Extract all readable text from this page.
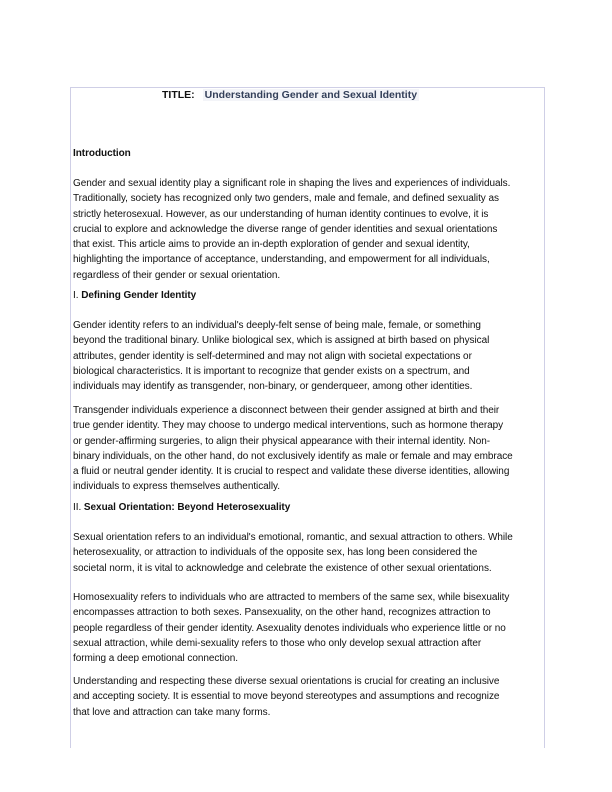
TITLE: Understanding Gender and Sexual Identity
Introduction
Gender and sexual identity play a significant role in shaping the lives and experiences of individuals.
Traditionally, society has recognized only two genders, male and female, and defined sexuality as
strictly heterosexual. However, as our understanding of human identity continues to evolve, it is
crucial to explore and acknowledge the diverse range of gender identities and sexual orientations
that exist. This article aims to provide an in-depth exploration of gender and sexual identity,
highlighting the importance of acceptance, understanding, and empowerment for all individuals,
regardless of their gender or sexual orientation.
I. Defining Gender Identity
Gender identity refers to an individual's deeply-felt sense of being male, female, or something
beyond the traditional binary. Unlike biological sex, which is assigned at birth based on physical
attributes, gender identity is self-determined and may not align with societal expectations or
biological characteristics. It is important to recognize that gender exists on a spectrum, and
individuals may identify as transgender, non-binary, or genderqueer, among other identities.
Transgender individuals experience a disconnect between their gender assigned at birth and their
true gender identity. They may choose to undergo medical interventions, such as hormone therapy
or gender-affirming surgeries, to align their physical appearance with their internal identity. Non-
binary individuals, on the other hand, do not exclusively identify as male or female and may embrace
a fluid or neutral gender identity. It is crucial to respect and validate these diverse identities, allowing
individuals to express themselves authentically.
II. Sexual Orientation: Beyond Heterosexuality
Sexual orientation refers to an individual's emotional, romantic, and sexual attraction to others. While
heterosexuality, or attraction to individuals of the opposite sex, has long been considered the
societal norm, it is vital to acknowledge and celebrate the existence of other sexual orientations.
Homosexuality refers to individuals who are attracted to members of the same sex, while bisexuality
encompasses attraction to both sexes. Pansexuality, on the other hand, recognizes attraction to
people regardless of their gender identity. Asexuality denotes individuals who experience little or no
sexual attraction, while demi-sexuality refers to those who only develop sexual attraction after
forming a deep emotional connection.
Understanding and respecting these diverse sexual orientations is crucial for creating an inclusive
and accepting society. It is essential to move beyond stereotypes and assumptions and recognize
that love and attraction can take many forms.
